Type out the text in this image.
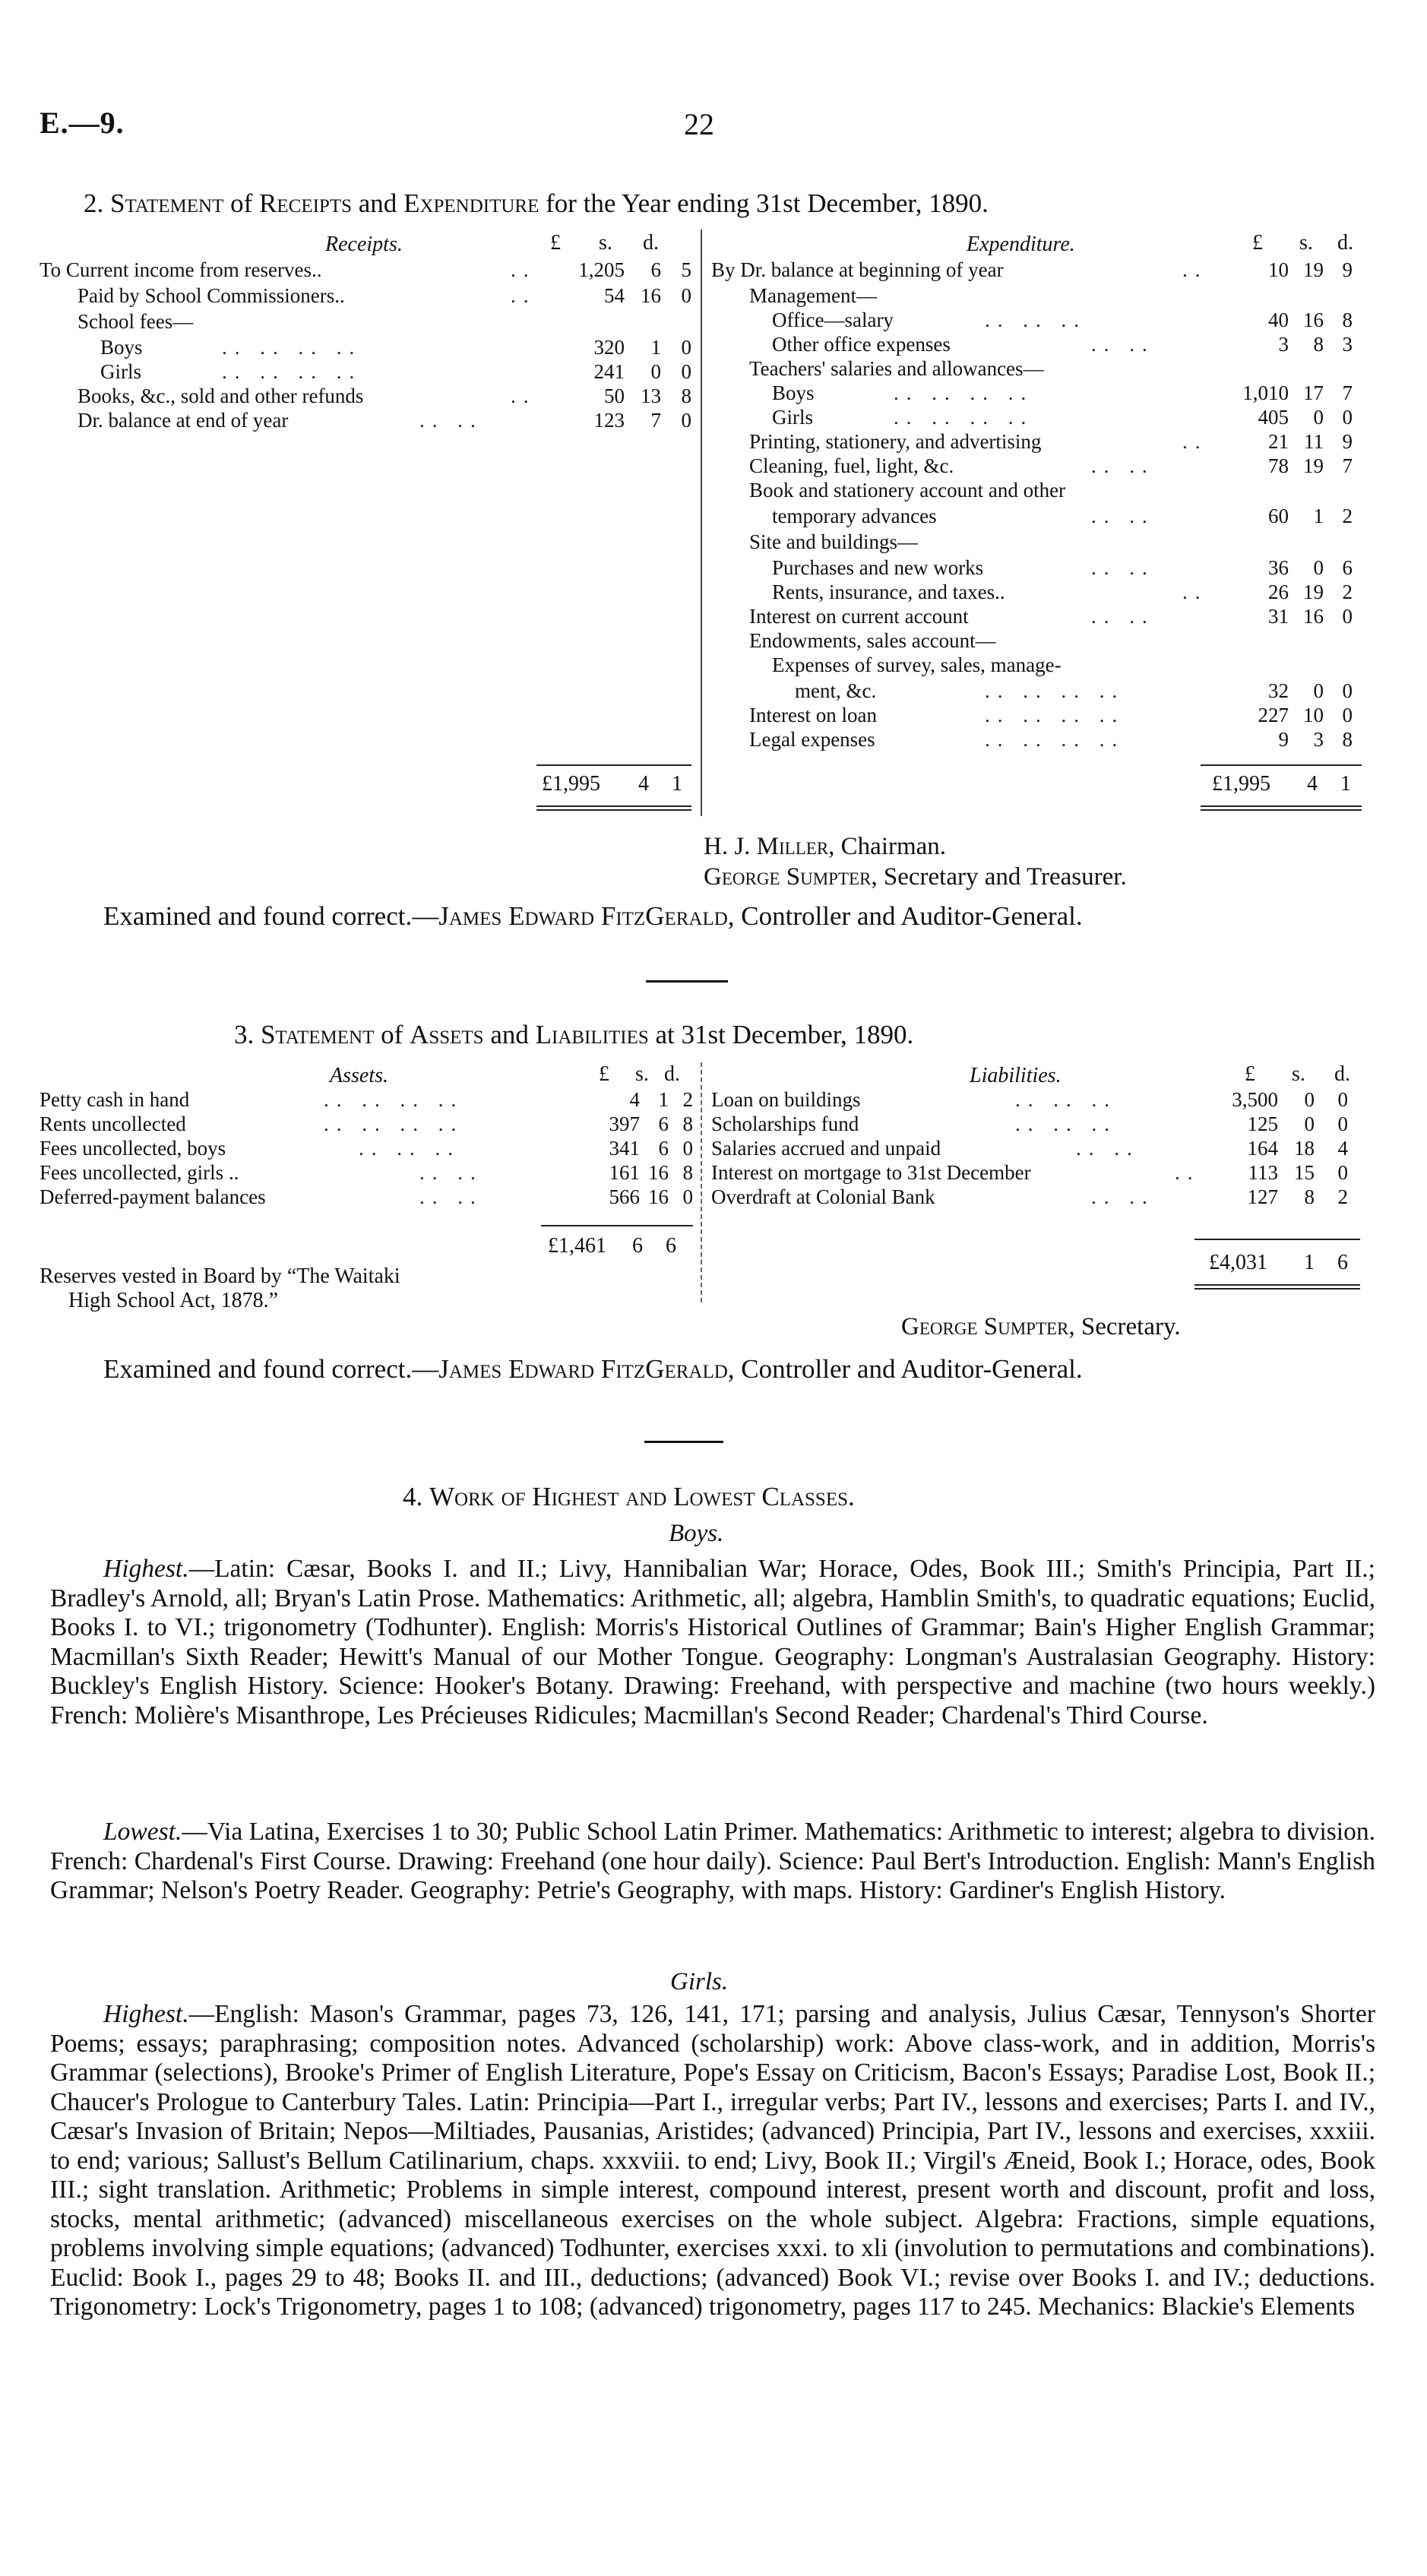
E.—9.	22
2. Statement of Receipts and Expenditure for the Year ending 31st December, 1890.
Receipts.	£ s. d.	Expenditure.	£ s. d.
To Current income from reserves..	..	1,205	6 5
Paid by School Commissioners..	..	54 16 0
School fees—
Boys	.. .. .. ..	320	1 0
Girls	.. .. .. ..	241	0 0
Books, &c., sold and other refunds	..	50 13 8
Dr. balance at end of year	.. ..	123	7 0
£1,995	4	1
By Dr. balance at beginning of year	..	10 19 9
Management—
Office—salary	.. .. ..	40 16 8
Other office expenses	.. ..	3	8 3
Teachers' salaries and allowances—
Boys	.. .. .. ..	1,010 17 7
Girls	.. .. .. ..	405	0 0
Printing, stationery, and advertising	..	21 11 9
Cleaning, fuel, light, &c.	.. ..	78 19 7
Book and stationery account and other
temporary advances	.. ..	60	1 2
Site and buildings—
Purchases and new works	.. ..	36	0 6
Rents, insurance, and taxes..	..	26 19 2
Interest on current account	.. ..	31 16 0
Endowments, sales account—
Expenses of survey, sales, manage-
ment, &c.	.. .. .. ..	32	0 0
Interest on loan	.. .. .. ..	227 10 0
Legal expenses	.. .. .. ..	9	3 8
£1,995	4	1
H. J. Miller, Chairman.
George Sumpter, Secretary and Treasurer.
Examined and found correct.—James Edward FitzGerald, Controller and Auditor-General.
3. Statement of Assets and Liabilities at 31st December, 1890.
Assets.	£ s. d.	Liabilities.	£ s. d.
Petty cash in hand	.. .. .. ..	4 1 2
Rents uncollected	.. .. .. ..	397 6 8
Fees uncollected, boys	.. .. ..	341 6 0
Fees uncollected, girls ..	.. ..	161 16 8
Deferred-payment balances	.. ..	566 16 0
£1,461	6	6
Reserves vested in Board by “The Waitaki
High School Act, 1878.”
Loan on buildings	.. .. ..	3,500	0	0
Scholarships fund	.. .. ..	125	0	0
Salaries accrued and unpaid	.. ..	164 18	4
Interest on mortgage to 31st December	..	113 15	0
Overdraft at Colonial Bank	.. ..	127	8	2
£4,031	1	6
George Sumpter, Secretary.
Examined and found correct.—James Edward FitzGerald, Controller and Auditor-General.
4. Work of Highest and Lowest Classes.
Boys.
Highest.—Latin: Cæsar, Books I. and II.; Livy, Hannibalian War; Horace, Odes, Book III.; Smith's Principia, Part II.; Bradley's Arnold, all; Bryan's Latin Prose. Mathematics: Arithmetic, all; algebra, Hamblin Smith's, to quadratic equations; Euclid, Books I. to VI.; trigonometry (Todhunter). English: Morris's Historical Outlines of Grammar; Bain's Higher English Grammar; Macmillan's Sixth Reader; Hewitt's Manual of our Mother Tongue. Geography: Longman's Australasian Geography. History: Buckley's English History. Science: Hooker's Botany. Drawing: Freehand, with perspective and machine (two hours weekly.) French: Molière's Misanthrope, Les Précieuses Ridicules; Macmillan's Second Reader; Chardenal's Third Course.
Lowest.—Via Latina, Exercises 1 to 30; Public School Latin Primer. Mathematics: Arithmetic to interest; algebra to division. French: Chardenal's First Course. Drawing: Freehand (one hour daily). Science: Paul Bert's Introduction. English: Mann's English Grammar; Nelson's Poetry Reader. Geography: Petrie's Geography, with maps. History: Gardiner's English History.
Girls.
Highest.—English: Mason's Grammar, pages 73, 126, 141, 171; parsing and analysis, Julius Cæsar, Tennyson's Shorter Poems; essays; paraphrasing; composition notes. Advanced (scholarship) work: Above class-work, and in addition, Morris's Grammar (selections), Brooke's Primer of English Literature, Pope's Essay on Criticism, Bacon's Essays; Paradise Lost, Book II.; Chaucer's Prologue to Canterbury Tales. Latin: Principia—Part I., irregular verbs; Part IV., lessons and exercises; Parts I. and IV., Cæsar's Invasion of Britain; Nepos—Miltiades, Pausanias, Aristides; (advanced) Principia, Part IV., lessons and exercises, xxxiii. to end; various; Sallust's Bellum Catilinarium, chaps. xxxviii. to end; Livy, Book II.; Virgil's Æneid, Book I.; Horace, odes, Book III.; sight translation. Arithmetic; Problems in simple interest, compound interest, present worth and discount, profit and loss, stocks, mental arithmetic; (advanced) miscellaneous exercises on the whole subject. Algebra: Fractions, simple equations, problems involving simple equations; (advanced) Todhunter, exercises xxxi. to xli (involution to permutations and combinations). Euclid: Book I., pages 29 to 48; Books II. and III., deductions; (advanced) Book VI.; revise over Books I. and IV.; deductions. Trigonometry: Lock's Trigonometry, pages 1 to 108; (advanced) trigonometry, pages 117 to 245. Mechanics: Blackie's Elements
